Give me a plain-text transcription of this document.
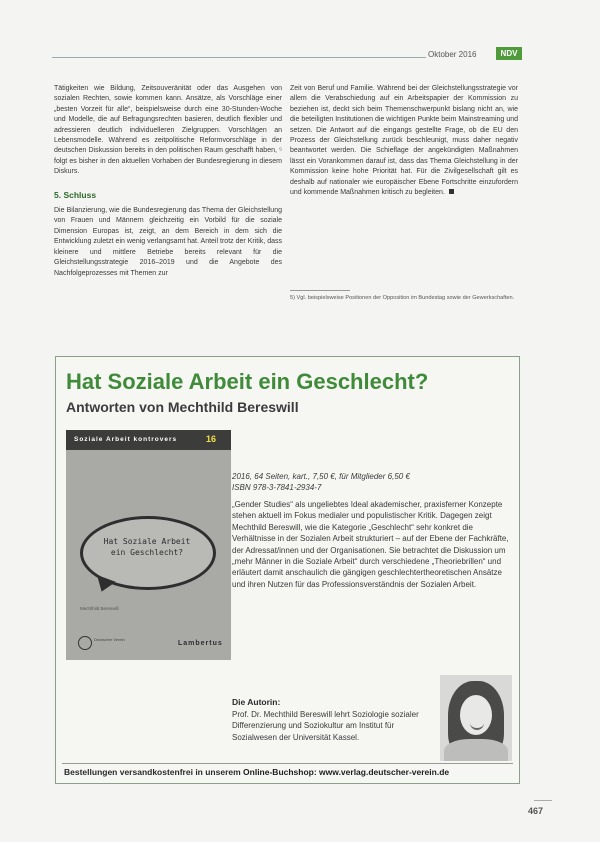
Oktober 2016	NDV

Tätigkeiten wie Bildung, Zeitsouveränität oder das Ausgehen von sozialen Rechten, sowie kommen kann. Ansätze, als Vorschläge einer „besten Vorzeit für alle“, beispielsweise durch eine 30-Stunden-Woche und Modelle, die auf Befragungsrechten basieren, deutlich flexibler und adressieren deutlich individuelleren Zielgruppen. Vorschlägen an Lebensmodelle. Während es zeitpolitische Reformvorschläge in der deutschen Diskussion bereits in den politischen Raum geschafft haben, ⁵ folgt es bisher in den aktuellen Vorhaben der Bundesregierung in diesem Diskurs.

5. Schluss

Die Bilanzierung, wie die Bundesregierung das Thema der Gleichstellung von Frauen und Männern gleichzeitig ein Vorbild für die soziale Dimension Europas ist, zeigt, an dem Bereich in dem sich die Entwicklung zuletzt ein wenig verlangsamt hat. Anteil trotz der Kritik, dass kleinere und mittlere Betriebe bereits relevant für die Gleichstellungsstrategie 2016–2019 und die Angebote des Nachfolgeprozesses mit Themen zur

Zeit von Beruf und Familie. Während bei der Gleichstellungsstrategie vor allem die Verabschiedung auf ein Arbeitspapier der Kommission zu beziehen ist, deckt sich beim Themenschwerpunkt bislang nicht an, wie die beteiligten Institutionen die wichtigen Punkte beim Mainstreaming und setzen. Die Antwort auf die eingangs gestellte Frage, ob die EU den Prozess der Gleichstellung zurück beschleunigt, muss daher negativ beantwortet werden. Die Schieflage der angekündigten Maßnahmen lässt ein Vorankommen darauf ist, dass das Thema Gleichstellung in der Kommission keine hohe Priorität hat. Für die Zivilgesellschaft gilt es deshalb auf nationaler wie europäischer Ebene Fortschritte einzufordern und kommende Maßnahmen kritisch zu begleiten.

5) Vgl. beispielsweise Positionen der Opposition im Bundestag sowie der Gewerkschaften.
Hat Soziale Arbeit ein Geschlecht?
Antworten von Mechthild Bereswill
Soziale Arbeit kontrovers	16
Hat Soziale Arbeit
ein Geschlecht?
Mechthild Bereswill
Deutscher Verein
Lambertus
2016, 64 Seiten, kart., 7,50 €, für Mitglieder 6,50 €
ISBN 978-3-7841-2934-7
„Gender Studies“ als ungeliebtes Ideal akademischer, praxisferner Konzepte stehen aktuell im Fokus medialer und populistischer Kritik. Dagegen zeigt Mechthild Bereswill, wie die Kategorie „Geschlecht“ sehr konkret die Verhältnisse in der Sozialen Arbeit strukturiert – auf der Ebene der Fachkräfte, der Adressat/innen und der Organisationen. Sie betrachtet die Diskussion um „mehr Männer in die Soziale Arbeit“ durch verschiedene „Theoriebrillen“ und erläutert damit anschaulich die gängigen geschlechtertheoretischen Ansätze und ihren Nutzen für das Professionsverständnis der Sozialen Arbeit.
Die Autorin:
Prof. Dr. Mechthild Bereswill lehrt Soziologie sozialer Differenzierung und Soziokultur am Institut für Sozialwesen der Universität Kassel.
Bestellungen versandkostenfrei in unserem Online-Buchshop: www.verlag.deutscher-verein.de
467
